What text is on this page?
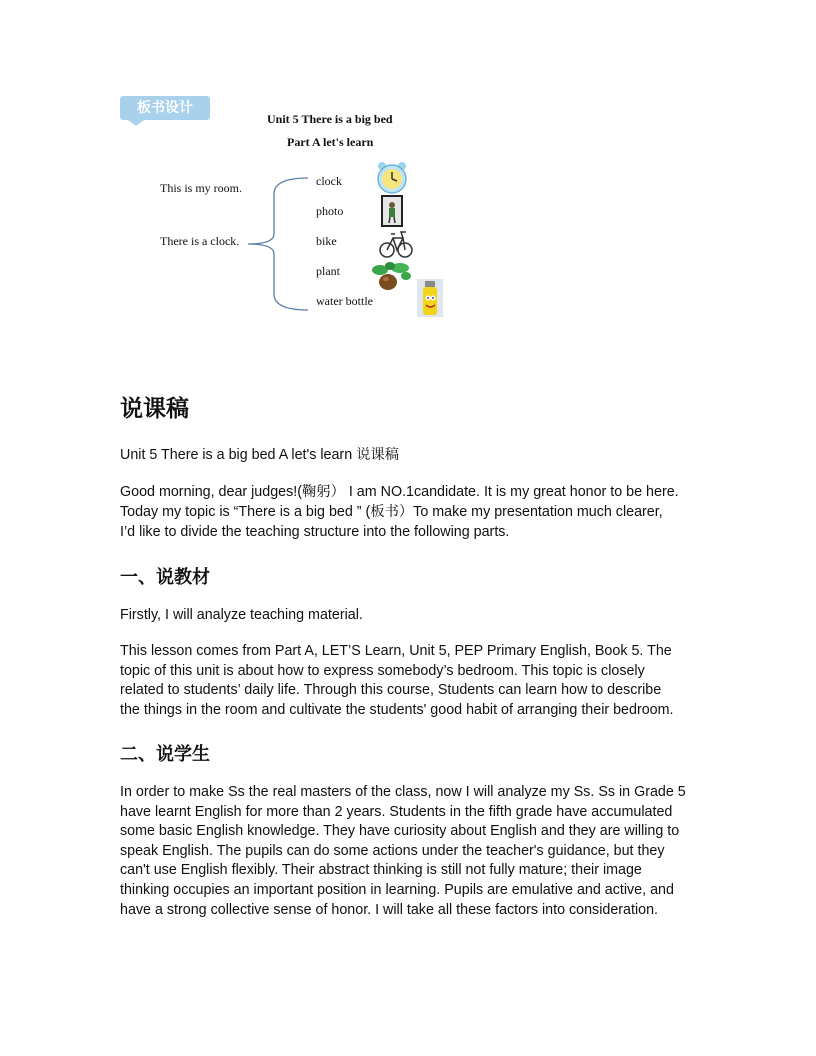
板书设计
Unit 5 There is a big bed
Part A let's learn
This is my room.
There is a clock.
clock
photo
bike
plant
water bottle
说课稿

Unit 5 There is a big bed A let's learn 说课稿

Good morning, dear judges!(鞠躬） I am NO.1candidate. It is my great honor to be here.

Today my topic is “There is a big bed ” (板书）To make my presentation much clearer,

I’d like to divide the teaching structure into the following parts.

一、说教材

Firstly, I will analyze teaching material.

This lesson comes from Part A, LET’S Learn, Unit 5, PEP Primary English, Book 5. The

topic of this unit is about how to express somebody’s bedroom. This topic is closely

related to students’ daily life. Through this course, Students can learn how to describe

the things in the room and cultivate the students' good habit of arranging their bedroom.

二、说学生

In order to make Ss the real masters of the class, now I will analyze my Ss. Ss in Grade 5

have learnt English for more than 2 years. Students in the fifth grade have accumulated

some basic English knowledge. They have curiosity about English and they are willing to

speak English. The pupils can do some actions under the teacher's guidance, but they

can't use English flexibly. Their abstract thinking is still not fully mature; their image

thinking occupies an important position in learning. Pupils are emulative and active, and

have a strong collective sense of honor. I will take all these factors into consideration.
